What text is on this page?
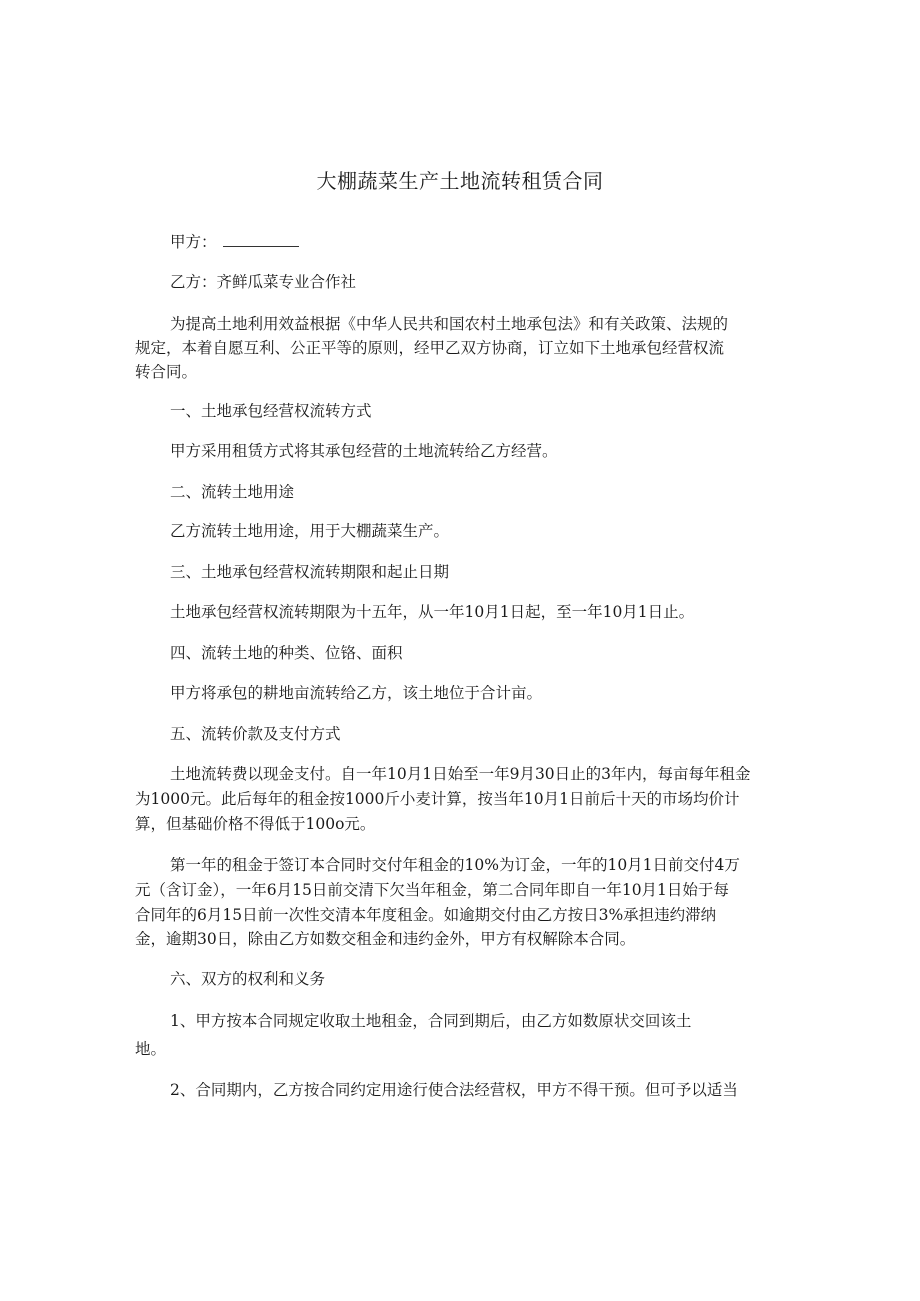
大棚蔬菜生产土地流转租赁合同
甲方：
乙方：齐鲜瓜菜专业合作社
为提高土地利用效益根据《中华人民共和国农村土地承包法》和有关政策、法规的
规定，本着自愿互利、公正平等的原则，经甲乙双方协商，订立如下土地承包经营权流
转合同。
一、土地承包经营权流转方式
甲方采用租赁方式将其承包经营的土地流转给乙方经营。
二、流转土地用途
乙方流转土地用途，用于大棚蔬菜生产。
三、土地承包经营权流转期限和起止日期
土地承包经营权流转期限为十五年，从一年10月1日起，至一年10月1日止。
四、流转土地的种类、位铬、面积
甲方将承包的耕地亩流转给乙方，该土地位于合计亩。
五、流转价款及支付方式
土地流转费以现金支付。自一年10月1日始至一年9月30日止的3年内，每亩每年租金
为1000元。此后每年的租金按1000斤小麦计算，按当年10月1日前后十天的市场均价计
算，但基础价格不得低于100o元。
第一年的租金于签订本合同时交付年租金的10%为订金，一年的10月1日前交付4万
元（含订金），一年6月15日前交清下欠当年租金，第二合同年即自一年10月1日始于每
合同年的6月15日前一次性交清本年度租金。如逾期交付由乙方按日3%承担违约滞纳
金，逾期30日，除由乙方如数交租金和违约金外，甲方有权解除本合同。
六、双方的权利和义务
1、甲方按本合同规定收取土地租金，合同到期后，由乙方如数原状交回该土
地。
2、合同期内，乙方按合同约定用途行使合法经营权，甲方不得干预。但可予以适当
